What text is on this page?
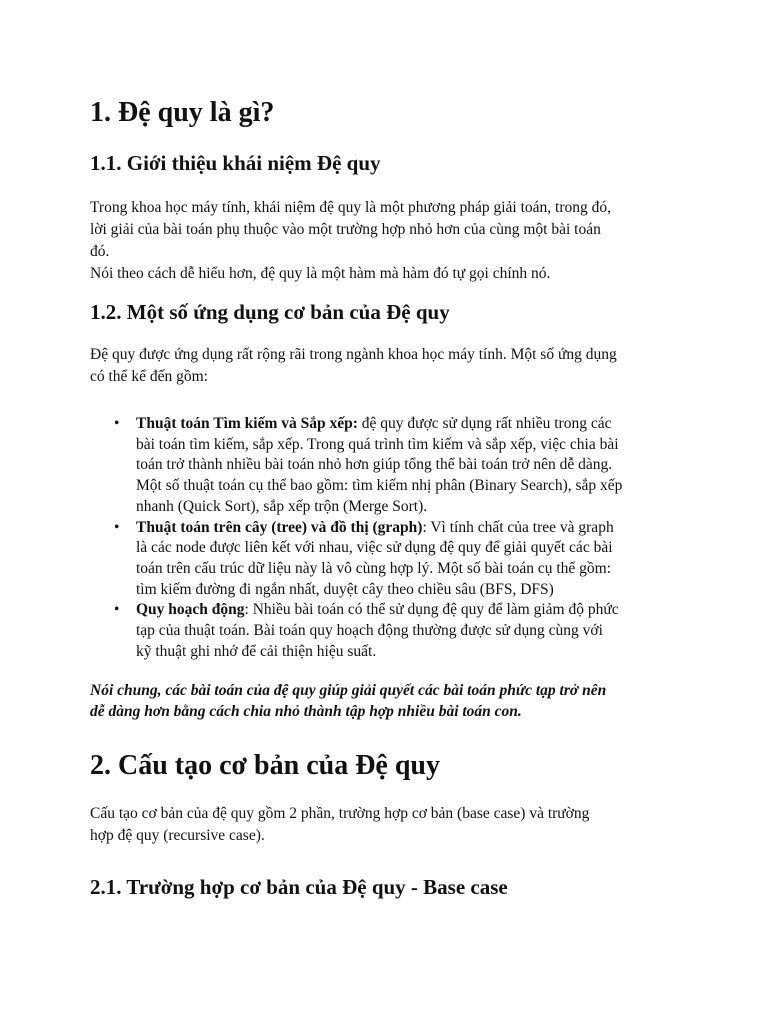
1. Đệ quy là gì?
1.1. Giới thiệu khái niệm Đệ quy

Trong khoa học máy tính, khái niệm đệ quy là một phương pháp giải toán, trong đó,
lời giải của bài toán phụ thuộc vào một trường hợp nhỏ hơn của cùng một bài toán
đó.
Nói theo cách dễ hiểu hơn, đệ quy là một hàm mà hàm đó tự gọi chính nó.

1.2. Một số ứng dụng cơ bản của Đệ quy

Đệ quy được ứng dụng rất rộng rãi trong ngành khoa học máy tính. Một số ứng dụng
có thể kể đến gồm:

• Thuật toán Tìm kiếm và Sắp xếp: đệ quy được sử dụng rất nhiều trong các
bài toán tìm kiếm, sắp xếp. Trong quá trình tìm kiếm và sắp xếp, việc chia bài
toán trở thành nhiều bài toán nhỏ hơn giúp tổng thể bài toán trở nên dễ dàng.
Một số thuật toán cụ thể bao gồm: tìm kiếm nhị phân (Binary Search), sắp xếp
nhanh (Quick Sort), sắp xếp trộn (Merge Sort).
• Thuật toán trên cây (tree) và đồ thị (graph): Vì tính chất của tree và graph
là các node được liên kết với nhau, việc sử dụng đệ quy để giải quyết các bài
toán trên cấu trúc dữ liệu này là vô cùng hợp lý. Một số bài toán cụ thể gồm:
tìm kiếm đường đi ngắn nhất, duyệt cây theo chiều sâu (BFS, DFS)
• Quy hoạch động: Nhiều bài toán có thể sử dụng đệ quy để làm giảm độ phức
tạp của thuật toán. Bài toán quy hoạch động thường được sử dụng cùng với
kỹ thuật ghi nhớ để cải thiện hiệu suất.

Nói chung, các bài toán của đệ quy giúp giải quyết các bài toán phức tạp trở nên
dễ dàng hơn bằng cách chia nhỏ thành tập hợp nhiều bài toán con.

2. Cấu tạo cơ bản của Đệ quy

Cấu tạo cơ bản của đệ quy gồm 2 phần, trường hợp cơ bản (base case) và trường
hợp đệ quy (recursive case).

2.1. Trường hợp cơ bản của Đệ quy - Base case
